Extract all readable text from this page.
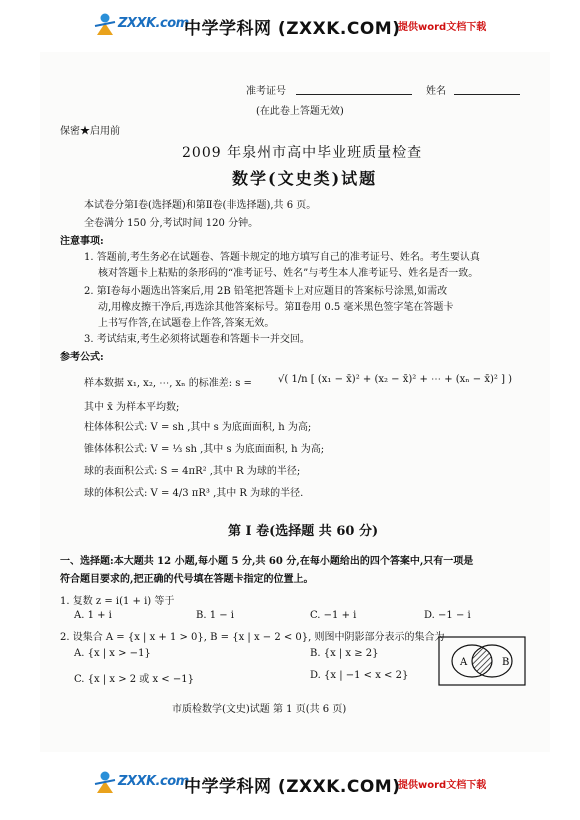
ZXXK.com
中学学科网 (ZXXK.COM)
提供word文档下载
准考证号	姓名
(在此卷上答题无效)
保密★启用前
2009 年泉州市高中毕业班质量检查
数学(文史类)试题
本试卷分第Ⅰ卷(选择题)和第Ⅱ卷(非选择题),共 6 页。
全卷满分 150 分,考试时间 120 分钟。
注意事项:
1. 答题前,考生务必在试题卷、答题卡规定的地方填写自己的准考证号、姓名。考生要认真
核对答题卡上粘贴的条形码的“准考证号、姓名”与考生本人准考证号、姓名是否一致。
2. 第Ⅰ卷每小题选出答案后,用 2B 铅笔把答题卡上对应题目的答案标号涂黑,如需改
动,用橡皮擦干净后,再选涂其他答案标号。第Ⅱ卷用 0.5 毫米黑色签字笔在答题卡
上书写作答,在试题卷上作答,答案无效。
3. 考试结束,考生必须将试题卷和答题卡一并交回。
参考公式:
样本数据 x₁, x₂, ⋯, xₙ 的标准差: s =	√( 1/n [ (x₁ − x̄)² + (x₂ − x̄)² + ⋯ + (xₙ − x̄)² ] )
其中 x̄ 为样本平均数;
柱体体积公式: V = sh ,其中 s 为底面面积, h 为高;
锥体体积公式: V = ⅓ sh ,其中 s 为底面面积, h 为高;
球的表面积公式: S = 4πR² ,其中 R 为球的半径;
球的体积公式: V = 4/3 πR³ ,其中 R 为球的半径.
第 Ⅰ 卷(选择题 共 60 分)
一、选择题:本大题共 12 小题,每小题 5 分,共 60 分,在每小题给出的四个答案中,只有一项是
符合题目要求的,把正确的代号填在答题卡指定的位置上。
1. 复数 z = i(1 + i) 等于
A. 1 + i	B. 1 − i	C. −1 + i	D. −1 − i
2. 设集合 A = {x | x + 1 > 0}, B = {x | x − 2 < 0}, 则图中阴影部分表示的集合为
A. {x | x > −1}	B. {x | x ≥ 2}
C. {x | x > 2 或 x < −1}	D. {x | −1 < x < 2}
A	B
市质检数学(文史)试题 第 1 页(共 6 页)
ZXXK.com
中学学科网 (ZXXK.COM)
提供word文档下载
